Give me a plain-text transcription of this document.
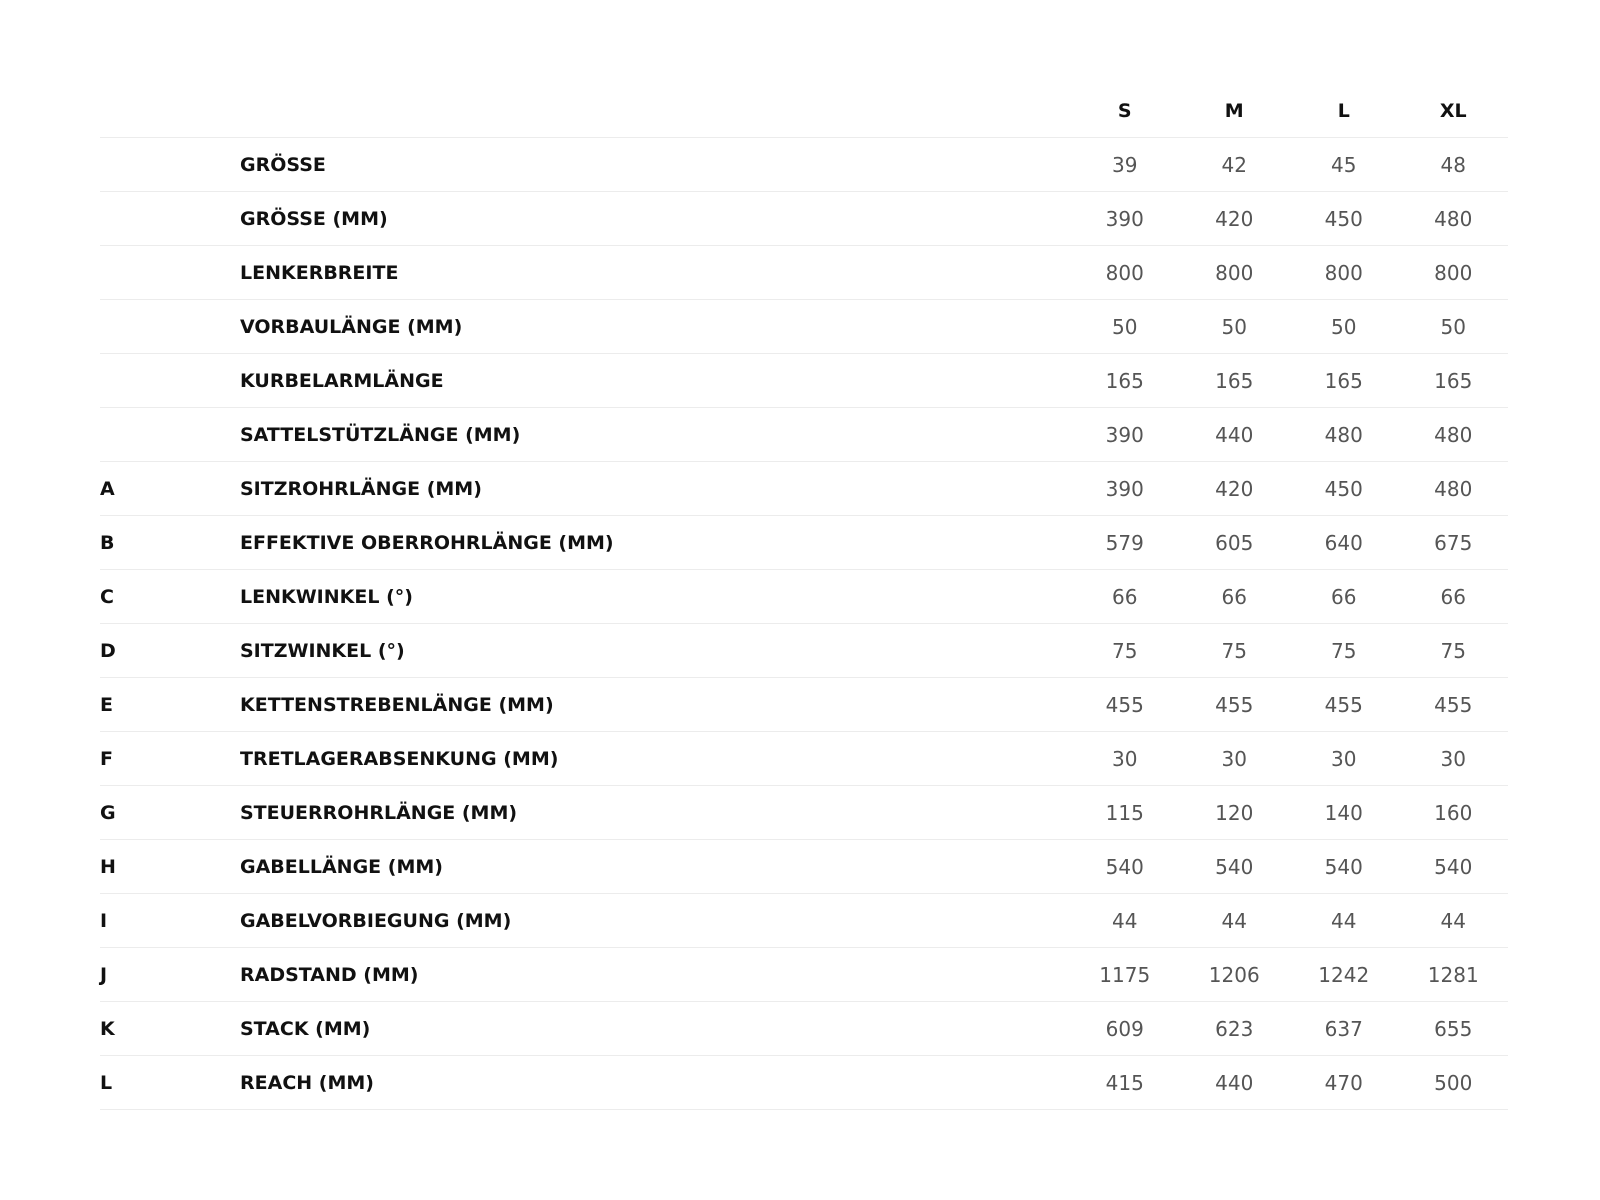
		S	M	L	XL
	GRÖSSE	39	42	45	48
	GRÖSSE (MM)	390	420	450	480
	LENKERBREITE	800	800	800	800
	VORBAULÄNGE (MM)	50	50	50	50
	KURBELARMLÄNGE	165	165	165	165
	SATTELSTÜTZLÄNGE (MM)	390	440	480	480
A	SITZROHRLÄNGE (MM)	390	420	450	480
B	EFFEKTIVE OBERROHRLÄNGE (MM)	579	605	640	675
C	LENKWINKEL (°)	66	66	66	66
D	SITZWINKEL (°)	75	75	75	75
E	KETTENSTREBENLÄNGE (MM)	455	455	455	455
F	TRETLAGERABSENKUNG (MM)	30	30	30	30
G	STEUERROHRLÄNGE (MM)	115	120	140	160
H	GABELLÄNGE (MM)	540	540	540	540
I	GABELVORBIEGUNG (MM)	44	44	44	44
J	RADSTAND (MM)	1175	1206	1242	1281
K	STACK (MM)	609	623	637	655
L	REACH (MM)	415	440	470	500
